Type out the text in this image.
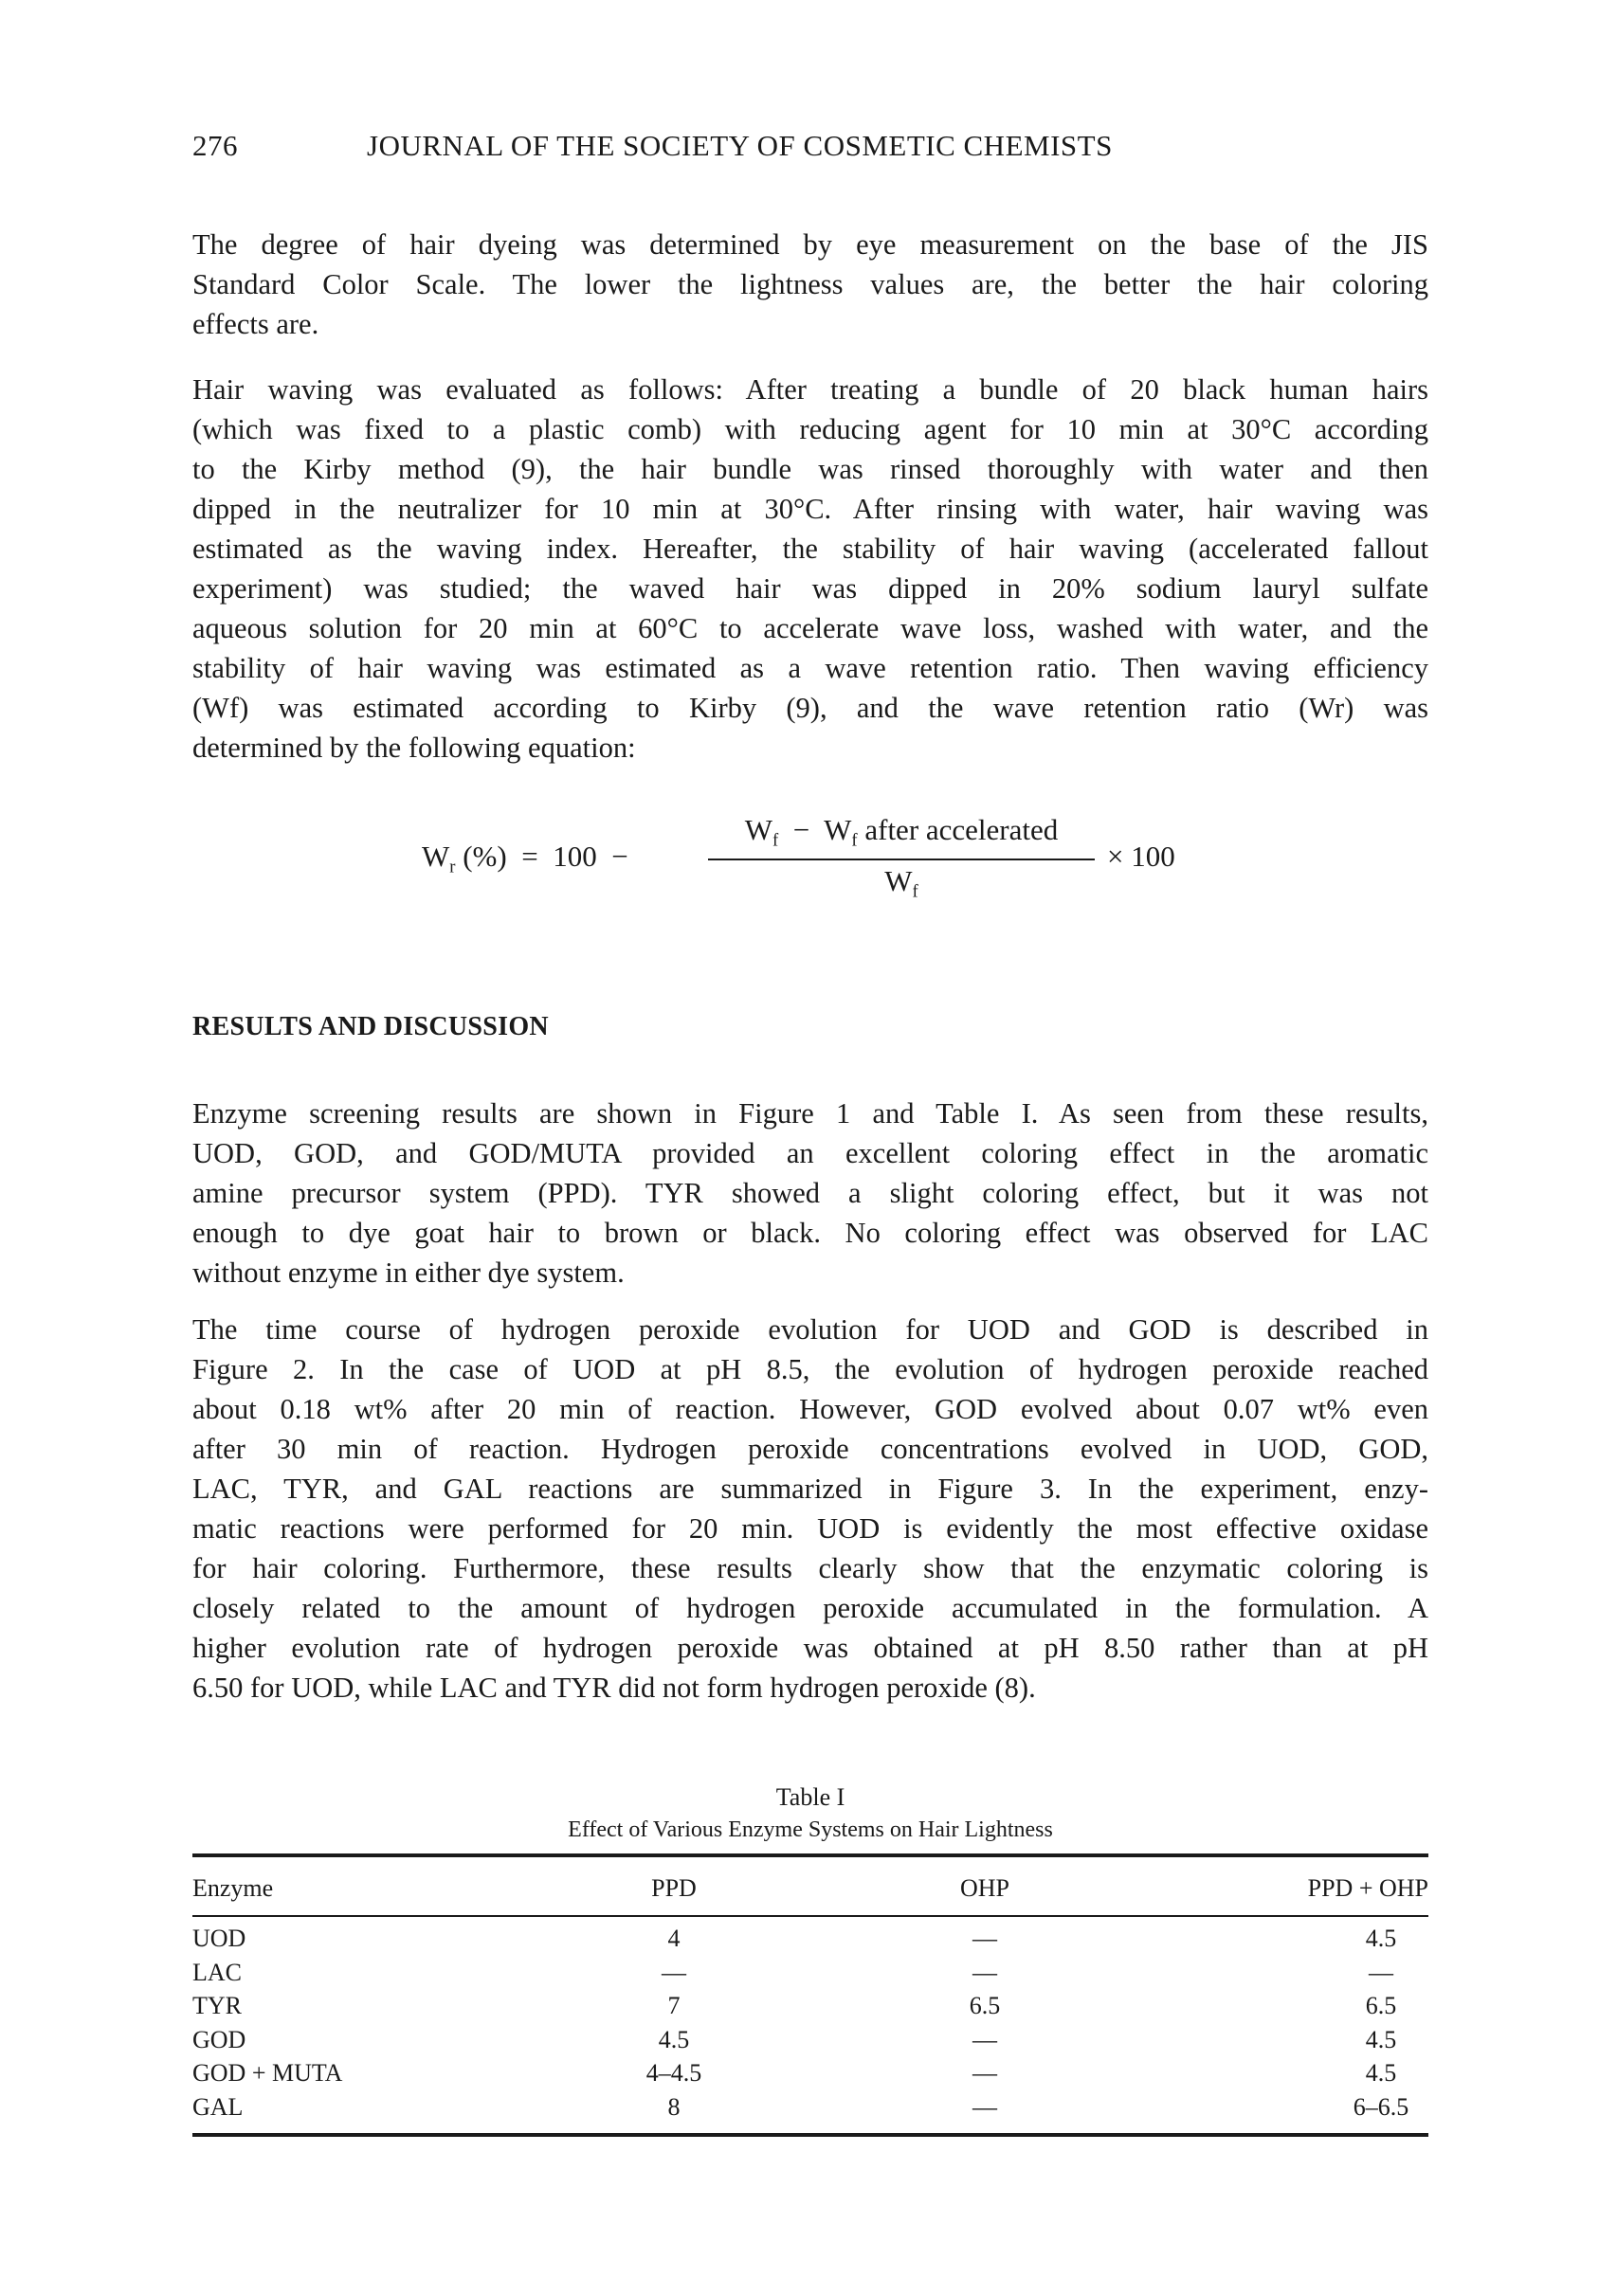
276	JOURNAL OF THE SOCIETY OF COSMETIC CHEMISTS
The degree of hair dyeing was determined by eye measurement on the base of the JIS
Standard Color Scale. The lower the lightness values are, the better the hair coloring
effects are.
Hair waving was evaluated as follows: After treating a bundle of 20 black human hairs
(which was fixed to a plastic comb) with reducing agent for 10 min at 30°C according
to the Kirby method (9), the hair bundle was rinsed thoroughly with water and then
dipped in the neutralizer for 10 min at 30°C. After rinsing with water, hair waving was
estimated as the waving index. Hereafter, the stability of hair waving (accelerated fallout
experiment) was studied; the waved hair was dipped in 20% sodium lauryl sulfate
aqueous solution for 20 min at 60°C to accelerate wave loss, washed with water, and the
stability of hair waving was estimated as a wave retention ratio. Then waving efficiency
(Wf) was estimated according to Kirby (9), and the wave retention ratio (Wr) was
determined by the following equation:
$W_r$ (%) = 100 −
$W_f - W_f$ after accelerated
$W_f$
× 100
RESULTS AND DISCUSSION
Enzyme screening results are shown in Figure 1 and Table I. As seen from these results,
UOD, GOD, and GOD/MUTA provided an excellent coloring effect in the aromatic
amine precursor system (PPD). TYR showed a slight coloring effect, but it was not
enough to dye goat hair to brown or black. No coloring effect was observed for LAC
without enzyme in either dye system.
The time course of hydrogen peroxide evolution for UOD and GOD is described in
Figure 2. In the case of UOD at pH 8.5, the evolution of hydrogen peroxide reached
about 0.18 wt% after 20 min of reaction. However, GOD evolved about 0.07 wt% even
after 30 min of reaction. Hydrogen peroxide concentrations evolved in UOD, GOD,
LAC, TYR, and GAL reactions are summarized in Figure 3. In the experiment, enzy-
matic reactions were performed for 20 min. UOD is evidently the most effective oxidase
for hair coloring. Furthermore, these results clearly show that the enzymatic coloring is
closely related to the amount of hydrogen peroxide accumulated in the formulation. A
higher evolution rate of hydrogen peroxide was obtained at pH 8.50 rather than at pH
6.50 for UOD, while LAC and TYR did not form hydrogen peroxide (8).
Table I
Effect of Various Enzyme Systems on Hair Lightness
Enzyme	PPD	OHP	PPD + OHP
UOD	4	—	4.5
LAC	—	—	—
TYR	7	6.5	6.5
GOD	4.5	—	4.5
GOD + MUTA	4–4.5	—	4.5
GAL	8	—	6–6.5
